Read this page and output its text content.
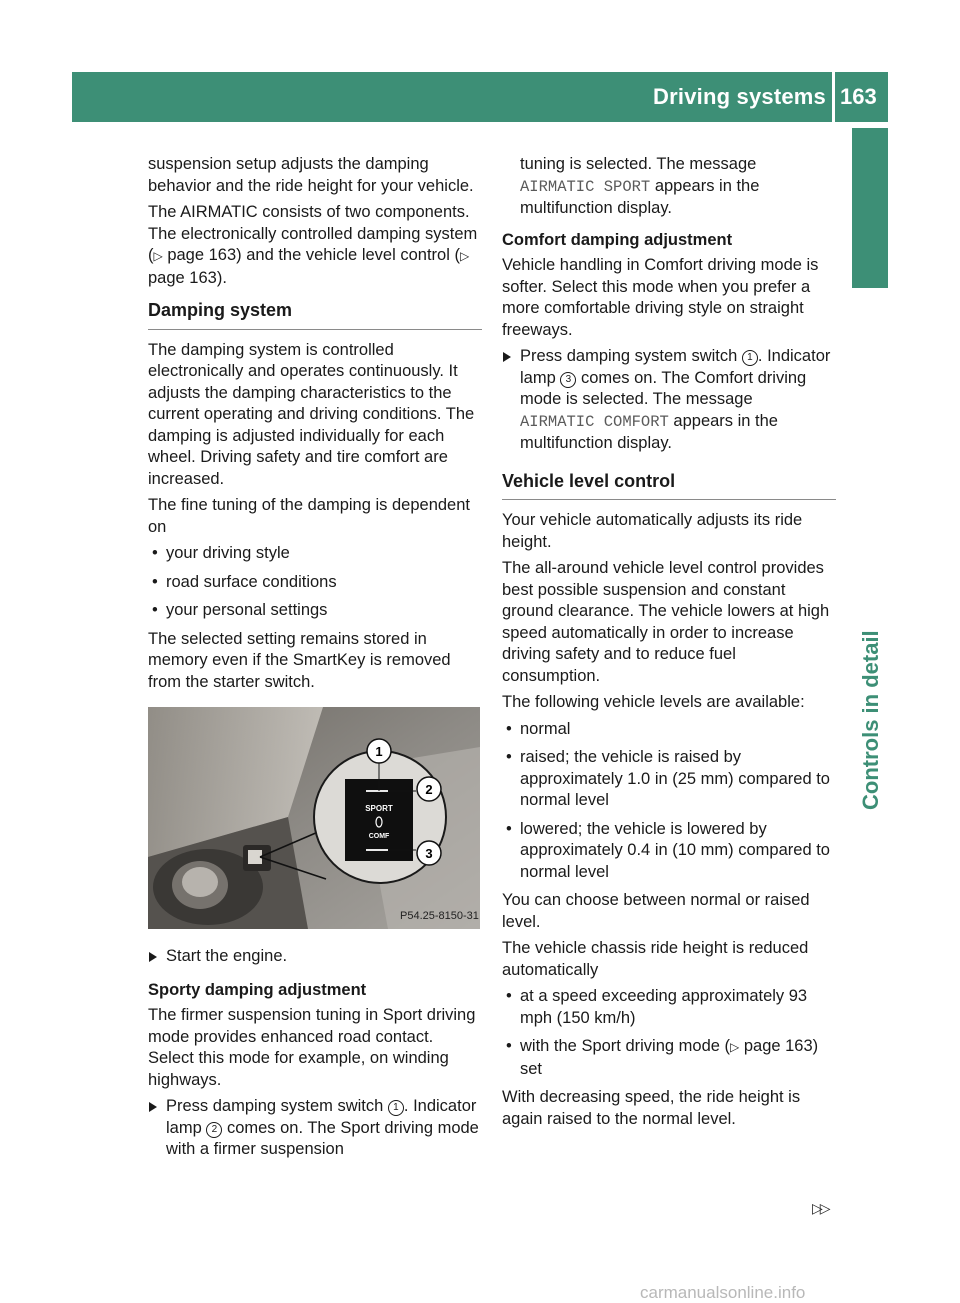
Driving systems 163
Controls in detail

suspension setup adjusts the damping behavior and the ride height for your vehicle.

The AIRMATIC consists of two components. The electronically controlled damping system (▷ page 163) and the vehicle level control (▷ page 163).

Damping system

The damping system is controlled electronically and operates continuously. It adjusts the damping characteristics to the current operating and driving conditions. The damping is adjusted individually for each wheel. Driving safety and tire comfort are increased.

The fine tuning of the damping is dependent on

• your driving style
• road surface conditions
• your personal settings

The selected setting remains stored in memory even if the SmartKey is removed from the starter switch.

SPORT
COMF
1
2
3
P54.25-8150-31
Start the engine.
Sporty damping adjustment

The firmer suspension tuning in Sport driving mode provides enhanced road contact. Select this mode for example, on winding highways.

Press damping system switch 1 . Indicator lamp 2 comes on. The Sport driving mode with a firmer suspension

tuning is selected. The message
AIRMATIC SPORT appears in the multifunction display.

Comfort damping adjustment

Vehicle handling in Comfort driving mode is softer. Select this mode when you prefer a more comfortable driving style on straight freeways.

Press damping system switch 1 . Indicator lamp 3 comes on. The Comfort driving mode is selected. The message
AIRMATIC COMFORT appears in the multifunction display.
Vehicle level control

Your vehicle automatically adjusts its ride height.

The all-around vehicle level control provides best possible suspension and constant ground clearance. The vehicle lowers at high speed automatically in order to increase driving safety and to reduce fuel consumption.

The following vehicle levels are available:

• normal
• raised; the vehicle is raised by approximately 1.0 in (25 mm) compared to normal level
• lowered; the vehicle is lowered by approximately 0.4 in (10 mm) compared to normal level

You can choose between normal or raised level.

The vehicle chassis ride height is reduced automatically

• at a speed exceeding approximately 93 mph (150 km/h)
• with the Sport driving mode (▷ page 163) set

With decreasing speed, the ride height is again raised to the normal level.

▷▷
carmanualsonline.info
